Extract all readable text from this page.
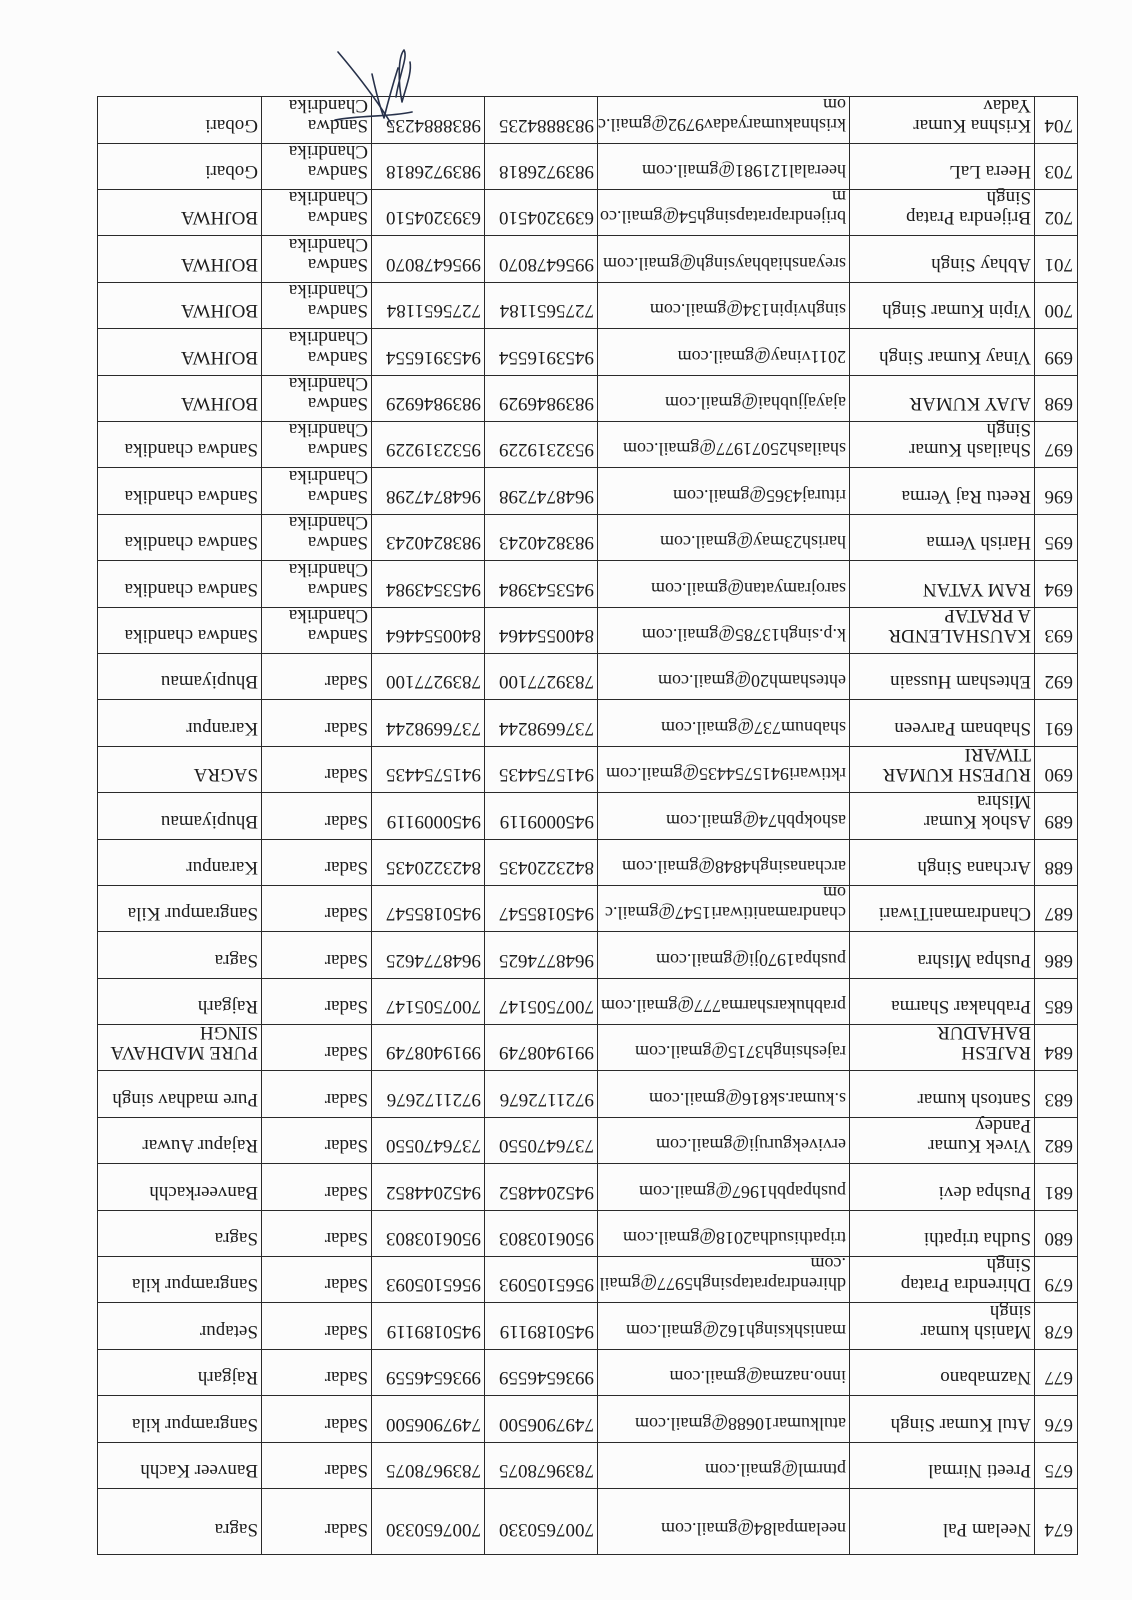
674
Neelam Pal
neelampal84@gmail.com
7007650330
7007650330
Sadar
Sagra
675
Preeti Nirmal
ptnrml@gmail.com
7839678075
7839678075
Sadar
Banveer Kachh
676
Atul Kumar Singh
atulkumar10688@gmail.com
7497906500
7497906500
Sadar
Sangrampur kila
677
Nazmabano
inno.nazma@gmail.com
9936546559
9936546559
Sadar
Rajgarh
678
Manish kumar
singh
manishksingh162@gmail.com
9450189119
9450189119
Sadar
Setapur
679
Dhirendra Pratap
Singh
dhirendrapratapsingh5977@gmail
.com
9565105093
9565105093
Sadar
Sangrampur kila
680
Sudha tripathi
tripathisudha2018@gmail.com
9506103803
9506103803
Sadar
Sagra
681
Pushpa devi
pushpapbh1967@gmail.com
9452044852
9452044852
Sadar
Banveerkachh
682
Vivek Kumar
Pandey
ervivekguruji@gmail.com
7376470550
7376470550
Sadar
Rajapur Auwar
683
Santosh kumar
s.kumar.sk816@gmail.com
9721172676
9721172676
Sadar
Pure madhav singh
684
RAJESH
BAHADUR
rajeshsingh3715@gmail.com
9919408749
9919408749
Sadar
PURE MADHAVA
SINGH
685
Prabhakar Sharma
prabhukarsharma777@gmail.com
7007505147
7007505147
Sadar
Rajgarh
686
Pushpa Mishra
pushpa1970ji@gmail.com
9648774625
9648774625
Sadar
Sagra
687
ChandramaniTiwari
chandramanitiwari1547@gmail.c
om
9450185547
9450185547
Sadar
Sangrampur Kila
688
Archana Singh
archanasingh4848@gmail.com
8423220435
8423220435
Sadar
Karanpur
689
Ashok Kumar
Mishra
ashokpbh74@gmail.com
9450009119
9450009119
Sadar
Bhupiyamau
690
RUPESH KUMAR
TIWARI
rktiwari9415754435@gmail.com
9415754435
9415754435
Sadar
SAGRA
691
Shabnam Parveen
shabnum737@gmail.com
7376698244
7376698244
Sadar
Karanpur
692
Ehtesham Hussain
ehteshamh20@gmail.com
7839277100
7839277100
Sadar
Bhupiyamau
693
KAUSHALENDR
A PRATAP
k.p.singh13785@gmail.com
8400554464
8400554464
Sandwa
Chandrika
Sandwa chandika
694
RAM YATAN
sarojramyatan@gmail.com
9453543984
9453543984
Sandwa
Chandrika
Sandwa chandika
695
Harish Verma
harish23may@gmail.com
9838240243
9838240243
Sandwa
Chandrika
Sandwa chandika
696
Reetu Raj Verma
rituraj4365@gmail.com
9648747298
9648747298
Sandwa
Chandrika
Sandwa chandika
697
Shailash Kumar
Singh
shailash25071977@gmail.com
9532319229
9532319229
Sandwa
Chandrika
Sandwa chandika
698
AJAY KUMAR
ajayajjubhai@gmail.com
9839846929
9839846929
Sandwa
Chandrika
BOJHWA
699
Vinay Kumar Singh
2011vinay@gmail.com
9453916554
9453916554
Sandwa
Chandrika
BOJHWA
700
Vipin Kumar Singh
singhvipin134@gmail.com
7275651184
7275651184
Sandwa
Chandrika
BOJHWA
701
Abhay Singh
sreyanshiabhaysingh@gmail.com
9956478070
9956478070
Sandwa
Chandrika
BOJHWA
702
Brijendra Pratap
Singh
brijendrapratapsingh54@gmail.co
m
6393204510
6393204510
Sandwa
Chandrika
BOJHWA
703
Heera LaL
heeralal121981@gmail.com
9839726818
9839726818
Sandwa
Chandrika
Gobari
704
Krishna Kumar
Yadav
krishnakumaryadav9792@gmail.c
om
9838884235
9838884235
Sandwa
Chandrika
Gobari
